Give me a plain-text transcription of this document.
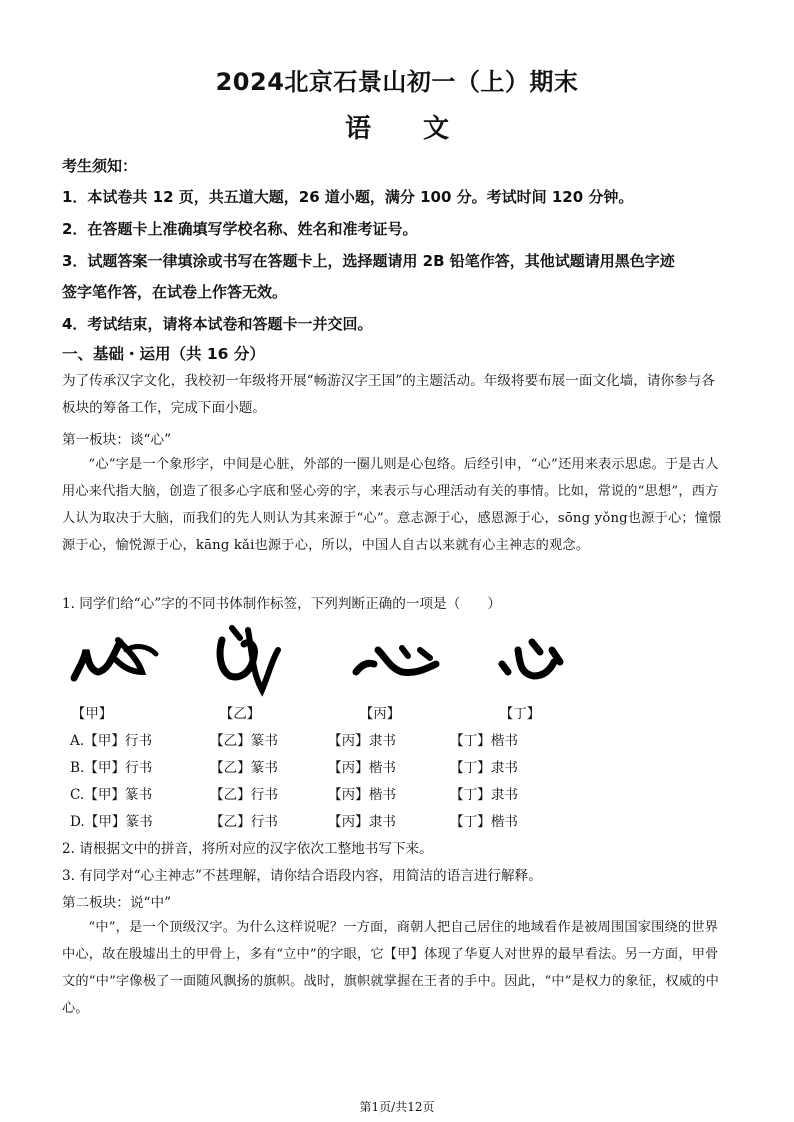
2024北京石景山初一（上）期末
语 文
考生须知：
1．本试卷共 12 页，共五道大题，26 道小题，满分 100 分。考试时间 120 分钟。
2．在答题卡上准确填写学校名称、姓名和准考证号。
3．试题答案一律填涂或书写在答题卡上，选择题请用 2B 铅笔作答，其他试题请用黑色字迹
签字笔作答，在试卷上作答无效。
4．考试结束，请将本试卷和答题卡一并交回。
一、基础・运用（共 16 分）
为了传承汉字文化，我校初一年级将开展“畅游汉字王国”的主题活动。年级将要布展一面文化墙，请你参与各板块的筹备工作，完成下面小题。
第一板块：谈“心”
“心”字是一个象形字，中间是心脏，外部的一圈儿则是心包络。后经引申，“心”还用来表示思虑。于是古人用心来代指大脑，创造了很多心字底和竖心旁的字，来表示与心理活动有关的事情。比如，常说的“思想”，西方人认为取决于大脑，而我们的先人则认为其来源于“心”。意志源于心，感恩源于心，sōng yǒng也源于心；憧憬源于心，愉悦源于心，kāng kǎi也源于心，所以，中国人自古以来就有心主神志的观念。
1. 同学们给“心”字的不同书体制作标签，下列判断正确的一项是（　　）
【甲】	【乙】	【丙】	【丁】
A.【甲】行书	【乙】篆书	【丙】隶书	【丁】楷书
B.【甲】行书	【乙】篆书	【丙】楷书	【丁】隶书
C.【甲】篆书	【乙】行书	【丙】楷书	【丁】隶书
D.【甲】篆书	【乙】行书	【丙】隶书	【丁】楷书
2. 请根据文中的拼音，将所对应的汉字依次工整地书写下来。
3. 有同学对“心主神志”不甚理解，请你结合语段内容，用简洁的语言进行解释。
第二板块：说“中”
“中”，是一个顶级汉字。为什么这样说呢？一方面，商朝人把自己居住的地域看作是被周围国家围绕的世界中心，故在殷墟出土的甲骨上，多有“立中”的字眼，它【甲】体现了华夏人对世界的最早看法。另一方面，甲骨文的“中”字像极了一面随风飘扬的旗帜。战时，旗帜就掌握在王者的手中。因此，“中”是权力的象征，权威的中心。
第1页/共12页
